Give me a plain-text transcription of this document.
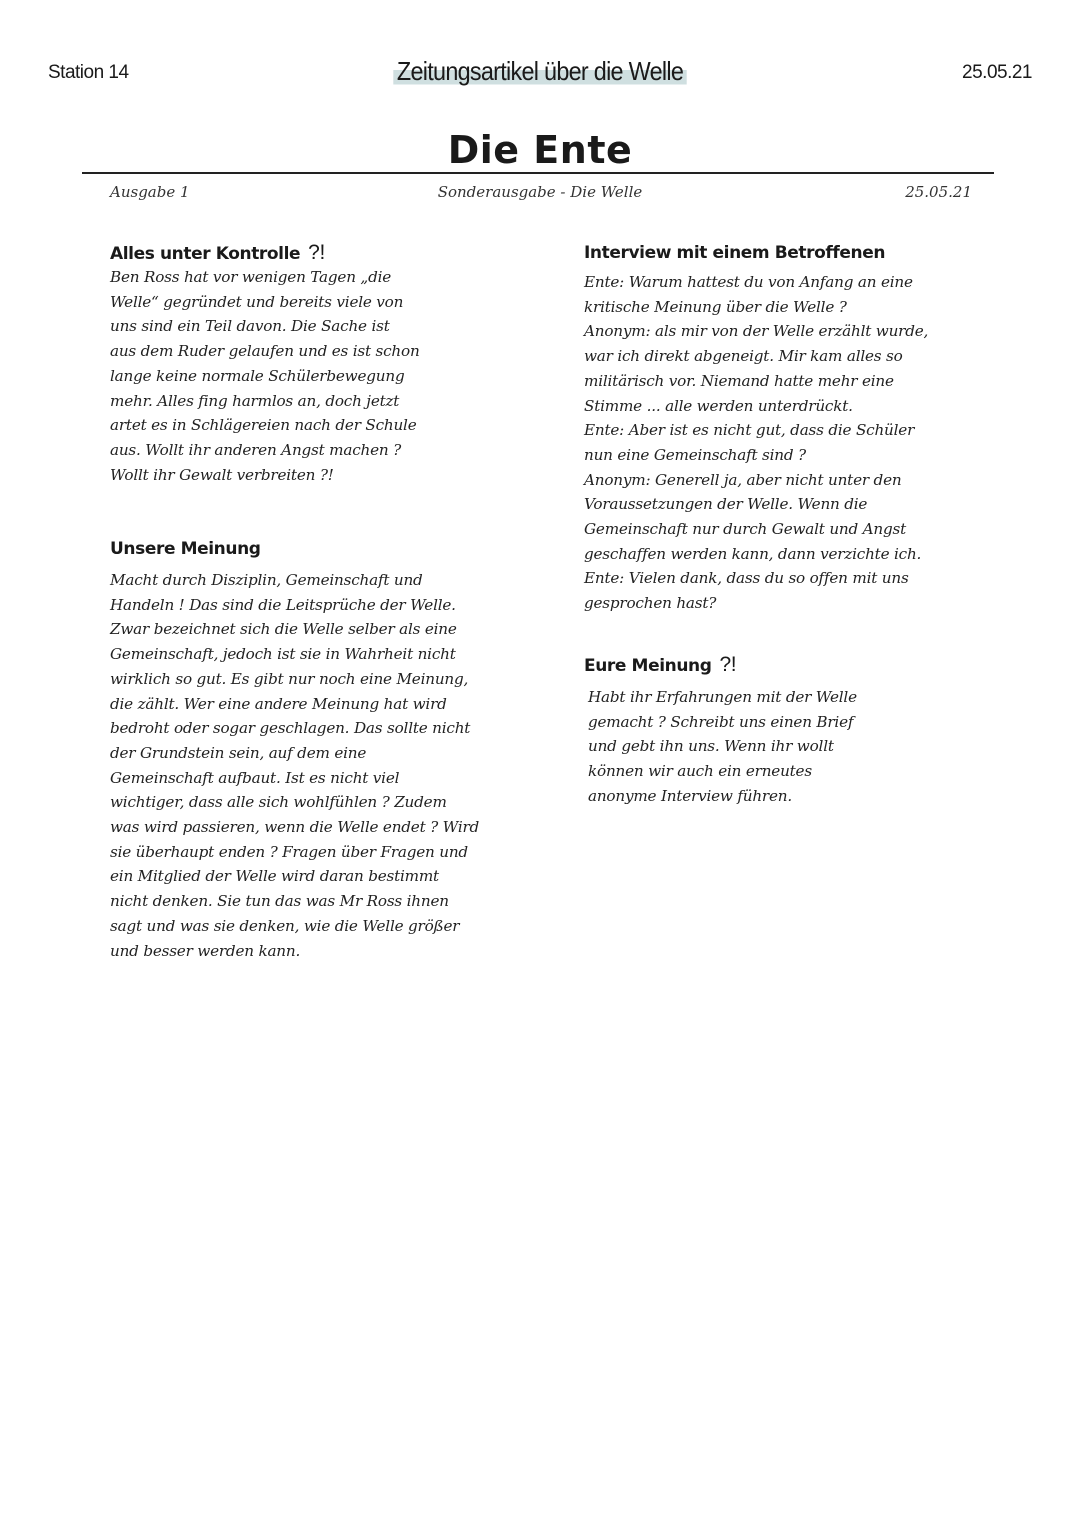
Station 14	Zeitungsartikel über die Welle	25.05.21
Die Ente
Ausgabe 1	Sonderausgabe - Die Welle	25.05.21
Alles unter Kontrolle ?!

Ben Ross hat vor wenigen Tagen „die
Welle“ gegründet und bereits viele von
uns sind ein Teil davon. Die Sache ist
aus dem Ruder gelaufen und es ist schon
lange keine normale Schülerbewegung
mehr. Alles fing harmlos an, doch jetzt
artet es in Schlägereien nach der Schule
aus. Wollt ihr anderen Angst machen ?
Wollt ihr Gewalt verbreiten ?!

Unsere Meinung

Macht durch Disziplin, Gemeinschaft und
Handeln ! Das sind die Leitsprüche der Welle.
Zwar bezeichnet sich die Welle selber als eine
Gemeinschaft, jedoch ist sie in Wahrheit nicht
wirklich so gut. Es gibt nur noch eine Meinung,
die zählt. Wer eine andere Meinung hat wird
bedroht oder sogar geschlagen. Das sollte nicht
der Grundstein sein, auf dem eine
Gemeinschaft aufbaut. Ist es nicht viel
wichtiger, dass alle sich wohlfühlen ? Zudem
was wird passieren, wenn die Welle endet ? Wird
sie überhaupt enden ? Fragen über Fragen und
ein Mitglied der Welle wird daran bestimmt
nicht denken. Sie tun das was Mr Ross ihnen
sagt und was sie denken, wie die Welle größer
und besser werden kann.

Interview mit einem Betroffenen

Ente: Warum hattest du von Anfang an eine
kritische Meinung über die Welle ?
Anonym: als mir von der Welle erzählt wurde,
war ich direkt abgeneigt. Mir kam alles so
militärisch vor. Niemand hatte mehr eine
Stimme ... alle werden unterdrückt.
Ente: Aber ist es nicht gut, dass die Schüler
nun eine Gemeinschaft sind ?
Anonym: Generell ja, aber nicht unter den
Voraussetzungen der Welle. Wenn die
Gemeinschaft nur durch Gewalt und Angst
geschaffen werden kann, dann verzichte ich.
Ente: Vielen dank, dass du so offen mit uns
gesprochen hast?

Eure Meinung ?!

Habt ihr Erfahrungen mit der Welle
gemacht ? Schreibt uns einen Brief
und gebt ihn uns. Wenn ihr wollt
können wir auch ein erneutes
anonyme Interview führen.
